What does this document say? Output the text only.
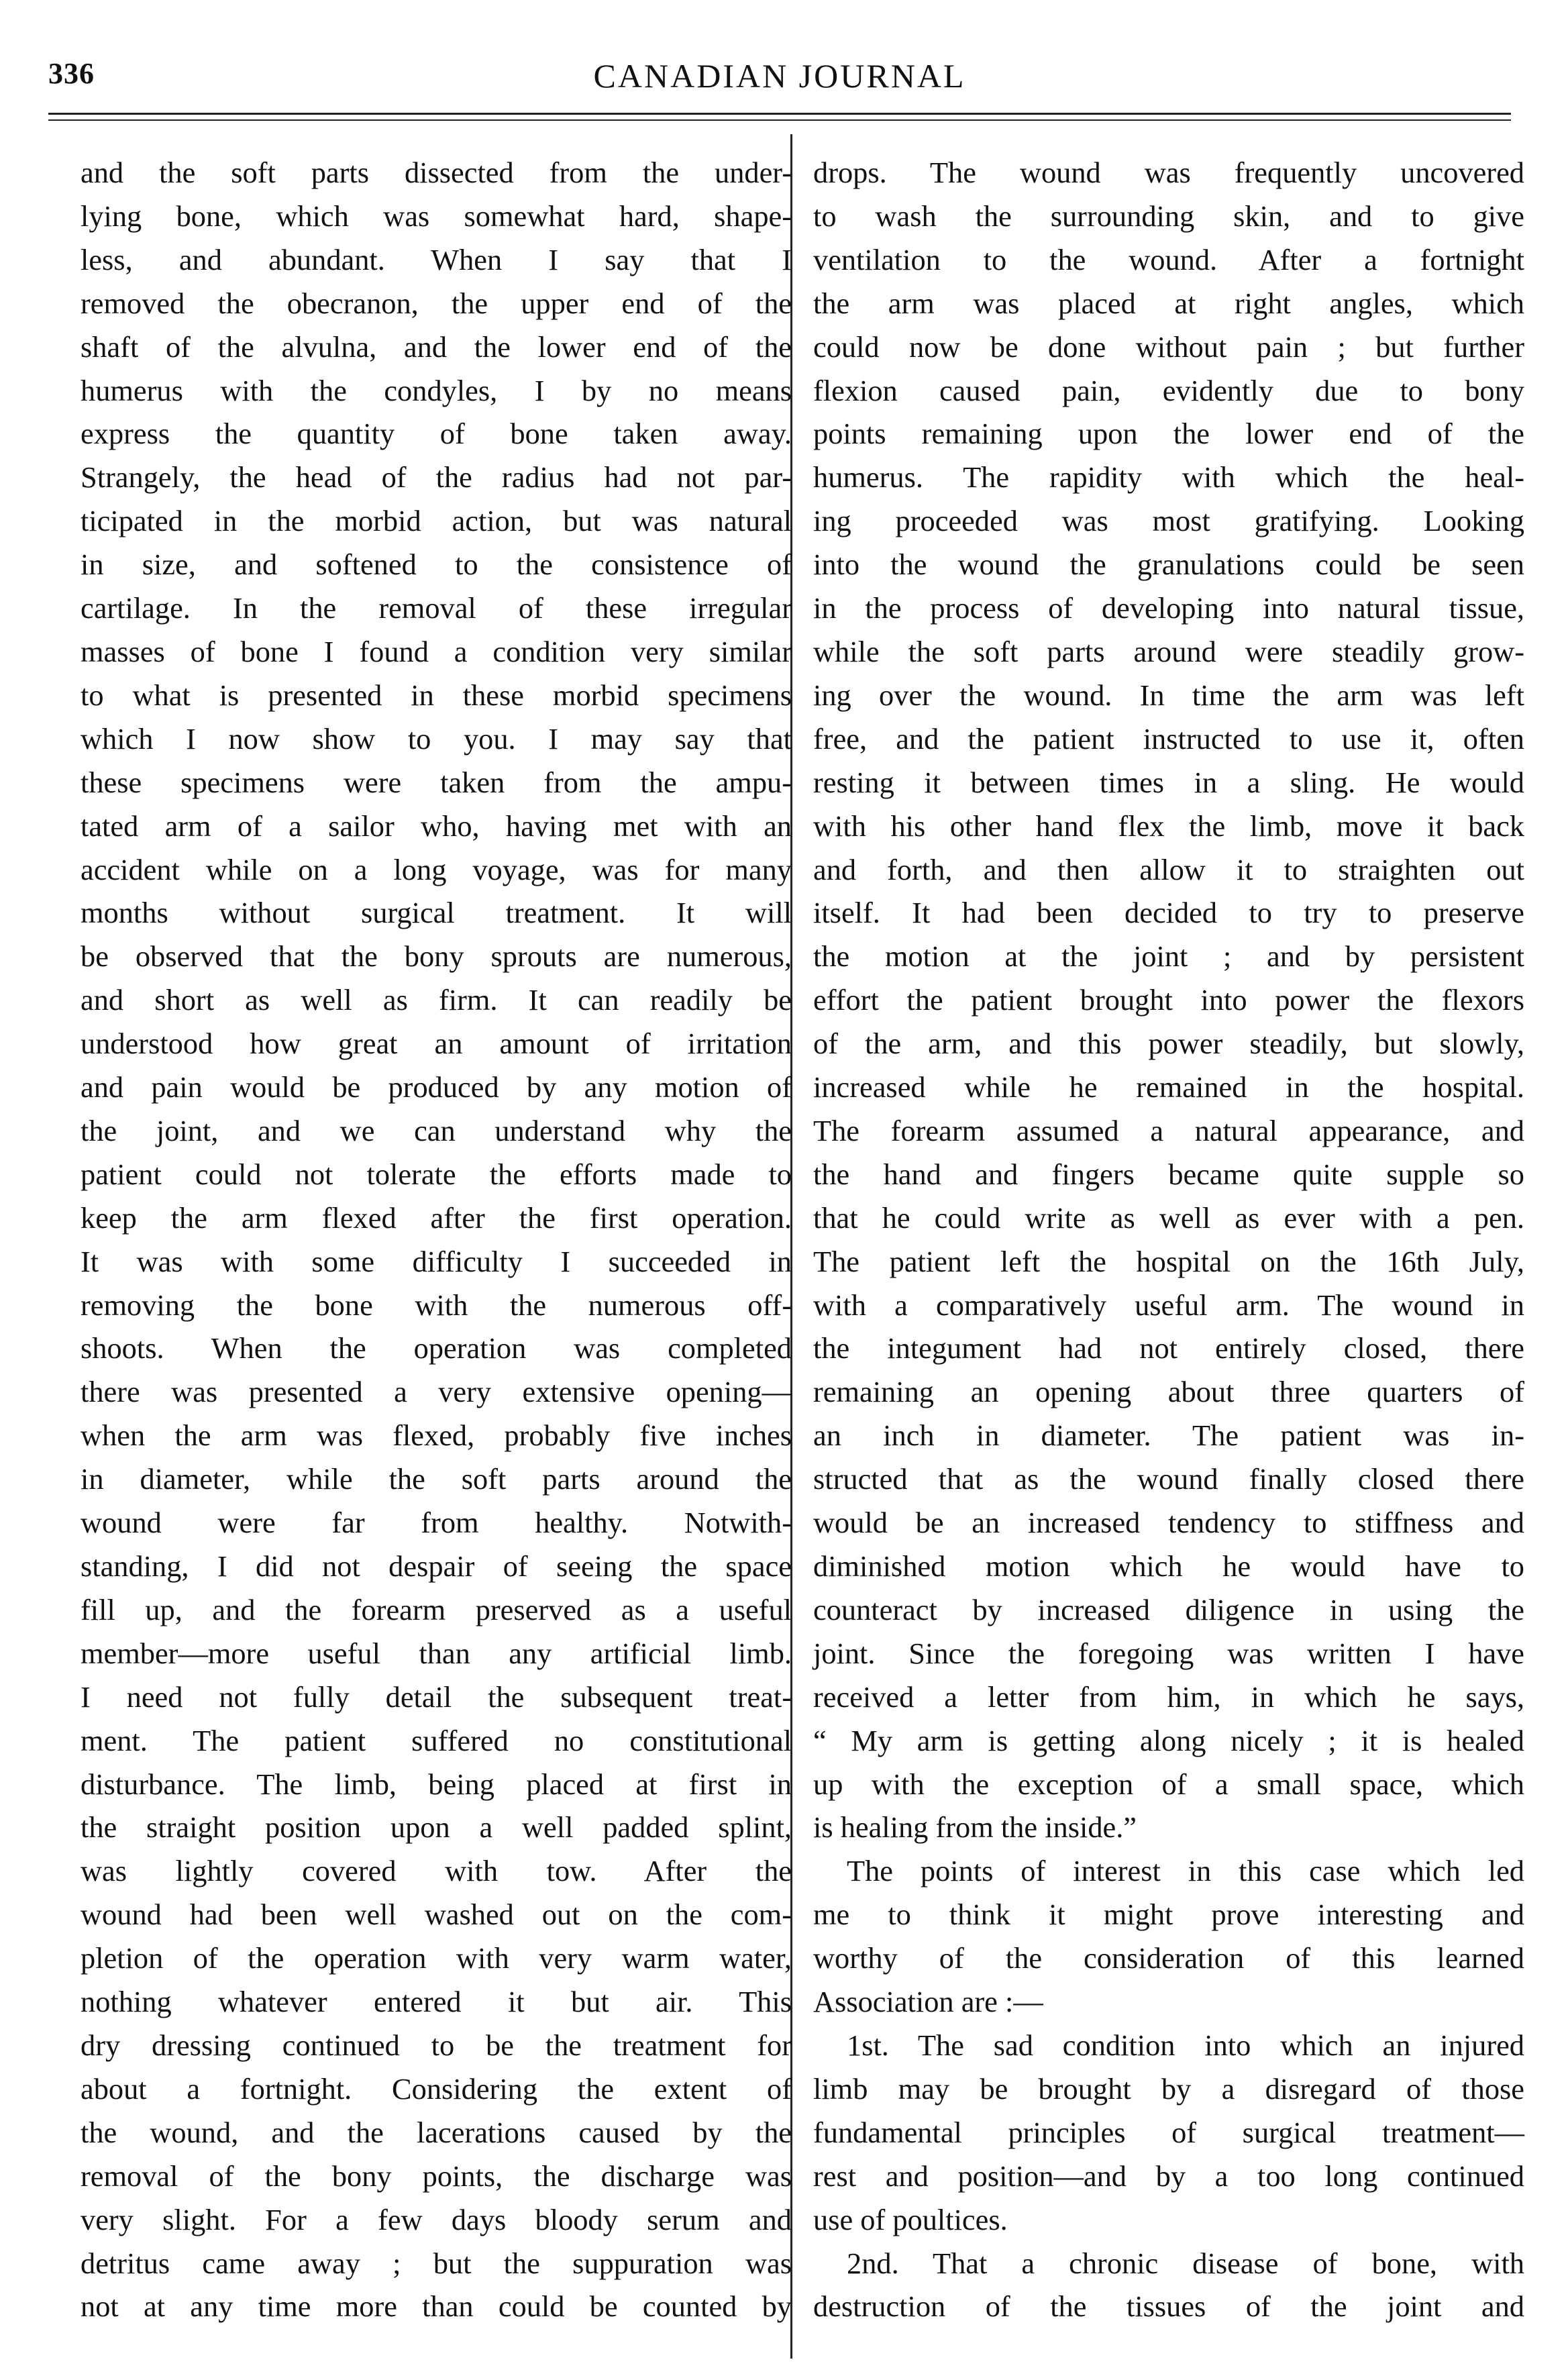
336	CANADIAN JOURNAL

and the soft parts dissected from the under-

lying bone, which was somewhat hard, shape-

less, and abundant. When I say that I

removed the obecranon, the upper end of the

shaft of the alvulna, and the lower end of the

humerus with the condyles, I by no means

express the quantity of bone taken away.

Strangely, the head of the radius had not par-

ticipated in the morbid action, but was natural

in size, and softened to the consistence of

cartilage. In the removal of these irregular

masses of bone I found a condition very similar

to what is presented in these morbid specimens

which I now show to you. I may say that

these specimens were taken from the ampu-

tated arm of a sailor who, having met with an

accident while on a long voyage, was for many

months without surgical treatment. It will

be observed that the bony sprouts are numerous,

and short as well as firm. It can readily be

understood how great an amount of irritation

and pain would be produced by any motion of

the joint, and we can understand why the

patient could not tolerate the efforts made to

keep the arm flexed after the first operation.

It was with some difficulty I succeeded in

removing the bone with the numerous off-

shoots. When the operation was completed

there was presented a very extensive opening—

when the arm was flexed, probably five inches

in diameter, while the soft parts around the

wound were far from healthy. Notwith-

standing, I did not despair of seeing the space

fill up, and the forearm preserved as a useful

member—more useful than any artificial limb.

I need not fully detail the subsequent treat-

ment. The patient suffered no constitutional

disturbance. The limb, being placed at first in

the straight position upon a well padded splint,

was lightly covered with tow. After the

wound had been well washed out on the com-

pletion of the operation with very warm water,

nothing whatever entered it but air. This

dry dressing continued to be the treatment for

about a fortnight. Considering the extent of

the wound, and the lacerations caused by the

removal of the bony points, the discharge was

very slight. For a few days bloody serum and

detritus came away ; but the suppuration was

not at any time more than could be counted by

drops. The wound was frequently uncovered

to wash the surrounding skin, and to give

ventilation to the wound. After a fortnight

the arm was placed at right angles, which

could now be done without pain ; but further

flexion caused pain, evidently due to bony

points remaining upon the lower end of the

humerus. The rapidity with which the heal-

ing proceeded was most gratifying. Looking

into the wound the granulations could be seen

in the process of developing into natural tissue,

while the soft parts around were steadily grow-

ing over the wound. In time the arm was left

free, and the patient instructed to use it, often

resting it between times in a sling. He would

with his other hand flex the limb, move it back

and forth, and then allow it to straighten out

itself. It had been decided to try to preserve

the motion at the joint ; and by persistent

effort the patient brought into power the flexors

of the arm, and this power steadily, but slowly,

increased while he remained in the hospital.

The forearm assumed a natural appearance, and

the hand and fingers became quite supple so

that he could write as well as ever with a pen.

The patient left the hospital on the 16th July,

with a comparatively useful arm. The wound in

the integument had not entirely closed, there

remaining an opening about three quarters of

an inch in diameter. The patient was in-

structed that as the wound finally closed there

would be an increased tendency to stiffness and

diminished motion which he would have to

counteract by increased diligence in using the

joint. Since the foregoing was written I have

received a letter from him, in which he says,

“ My arm is getting along nicely ; it is healed

up with the exception of a small space, which

is healing from the inside.”

The points of interest in this case which led

me to think it might prove interesting and

worthy of the consideration of this learned

Association are :—

1st. The sad condition into which an injured

limb may be brought by a disregard of those

fundamental principles of surgical treatment—

rest and position—and by a too long continued

use of poultices.

2nd. That a chronic disease of bone, with

destruction of the tissues of the joint and
